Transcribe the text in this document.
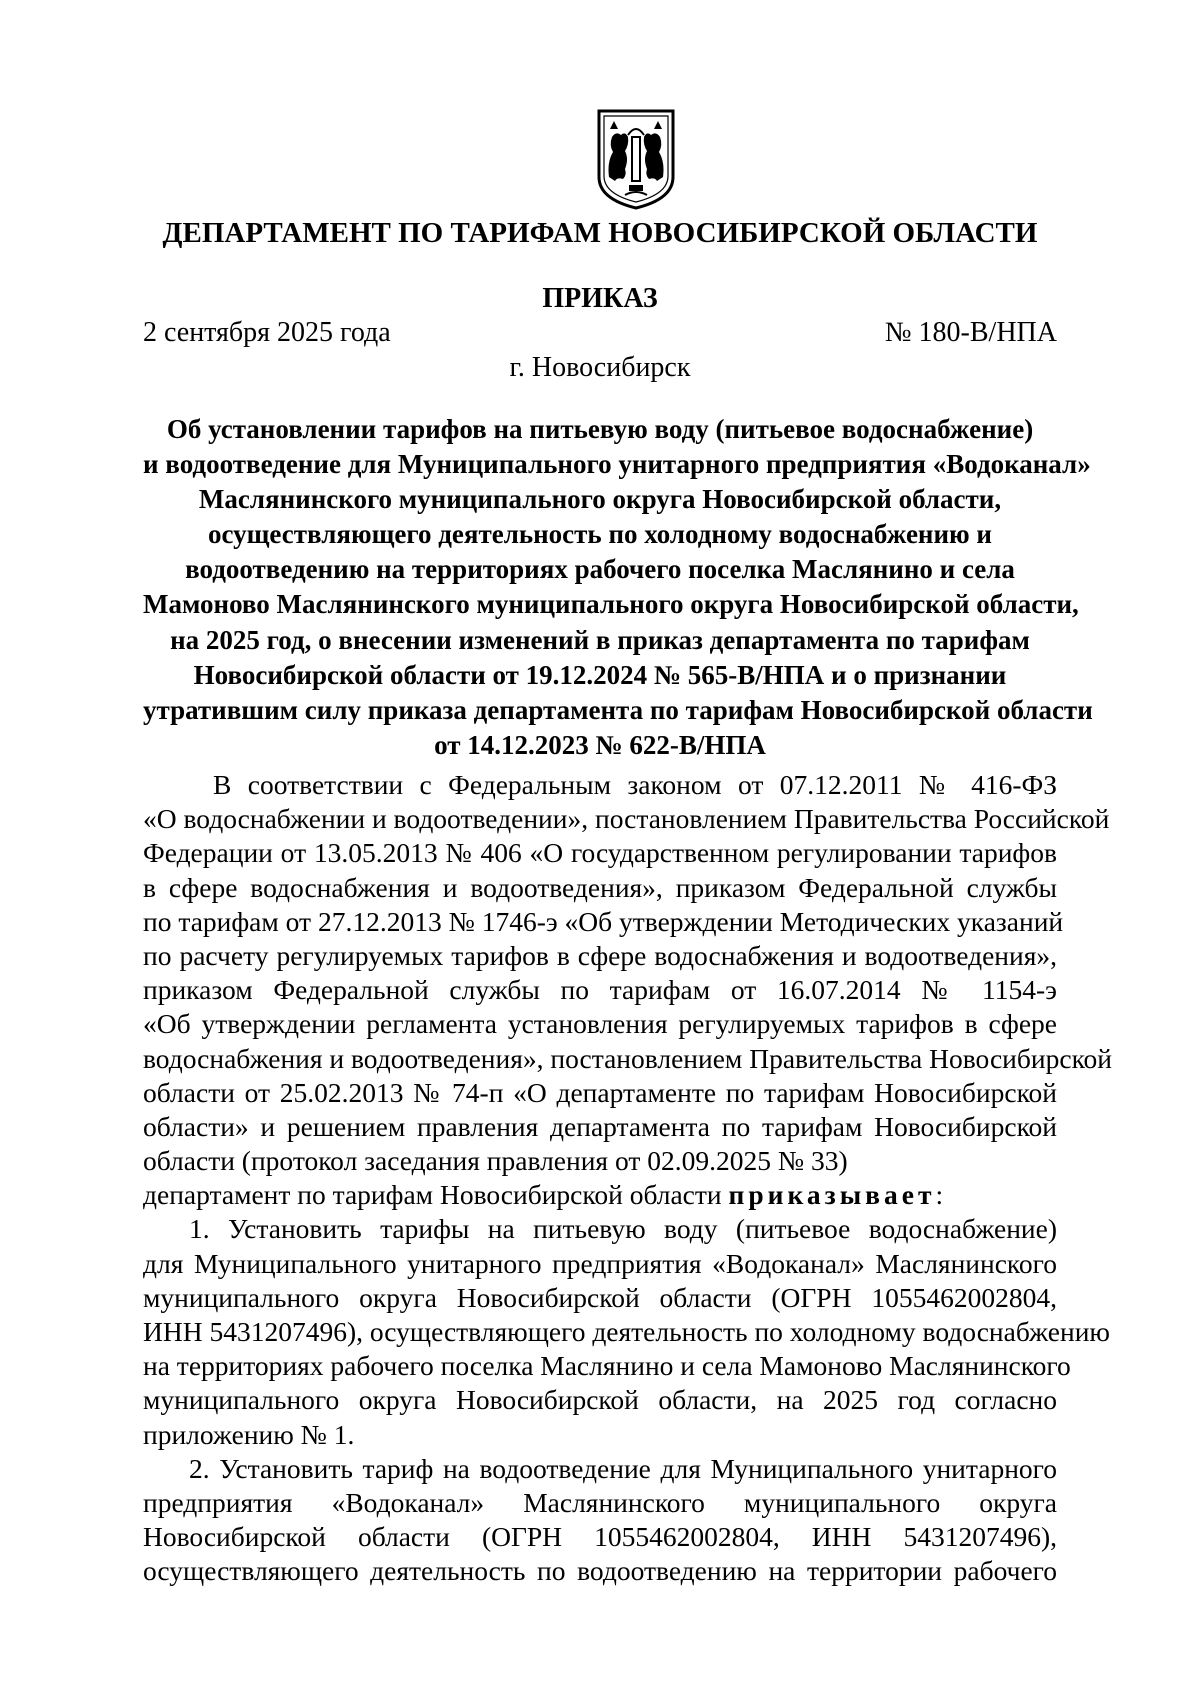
ДЕПАРТАМЕНТ ПО ТАРИФАМ НОВОСИБИРСКОЙ ОБЛАСТИ
ПРИКАЗ
2 сентября 2025 года	№ 180-В/НПА
г. Новосибирск
Об установлении тарифов на питьевую воду (питьевое водоснабжение)
и водоотведение для Муниципального унитарного предприятия «Водоканал»
Маслянинского муниципального округа Новосибирской области,
осуществляющего деятельность по холодному водоснабжению и
водоотведению на территориях рабочего поселка Маслянино и села
Мамоново Маслянинского муниципального округа Новосибирской области,
на 2025 год, о внесении изменений в приказ департамента по тарифам
Новосибирской области от 19.12.2024 № 565-В/НПА и о признании
утратившим силу приказа департамента по тарифам Новосибирской области
от 14.12.2023 № 622-В/НПА
В соответствии с Федеральным законом от 07.12.2011 № 416-ФЗ
«О водоснабжении и водоотведении», постановлением Правительства Российской
Федерации от 13.05.2013 № 406 «О государственном регулировании тарифов
в сфере водоснабжения и водоотведения», приказом Федеральной службы
по тарифам от 27.12.2013 № 1746-э «Об утверждении Методических указаний
по расчету регулируемых тарифов в сфере водоснабжения и водоотведения»,
приказом Федеральной службы по тарифам от 16.07.2014 № 1154-э
«Об утверждении регламента установления регулируемых тарифов в сфере
водоснабжения и водоотведения», постановлением Правительства Новосибирской
области от 25.02.2013 № 74-п «О департаменте по тарифам Новосибирской
области» и решением правления департамента по тарифам Новосибирской
области (протокол заседания правления от 02.09.2025 № 33)
департамент по тарифам Новосибирской области приказывает:
1. Установить тарифы на питьевую воду (питьевое водоснабжение)
для Муниципального унитарного предприятия «Водоканал» Маслянинского
муниципального округа Новосибирской области (ОГРН 1055462002804,
ИНН 5431207496), осуществляющего деятельность по холодному водоснабжению
на территориях рабочего поселка Маслянино и села Мамоново Маслянинского
муниципального округа Новосибирской области, на 2025 год согласно
приложению № 1.
2. Установить тариф на водоотведение для Муниципального унитарного
предприятия «Водоканал» Маслянинского муниципального округа
Новосибирской области (ОГРН 1055462002804, ИНН 5431207496),
осуществляющего деятельность по водоотведению на территории рабочего
